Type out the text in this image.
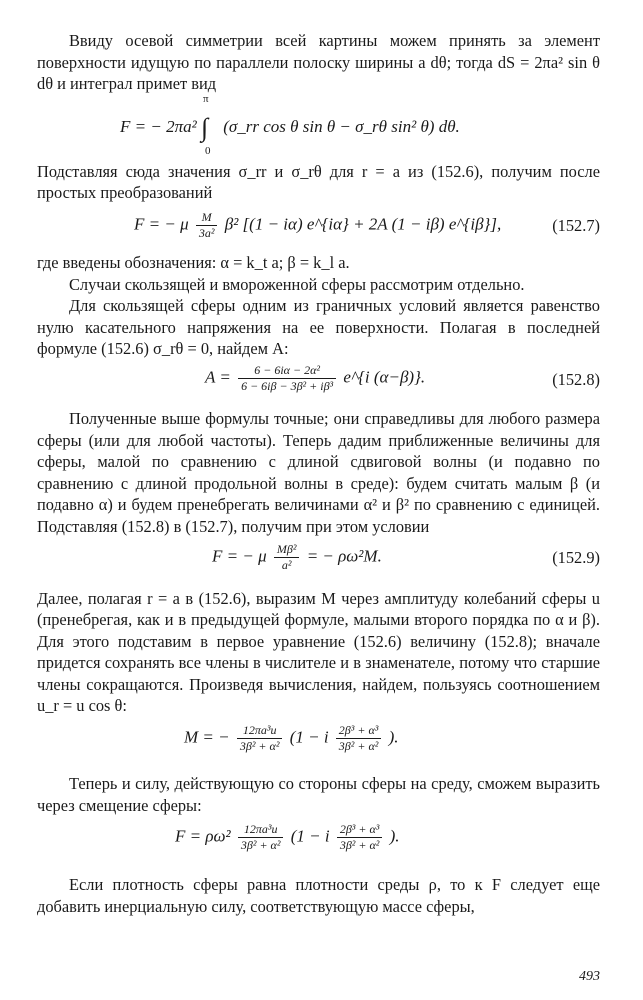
Ввиду осевой симметрии всей картины можем принять за элемент поверхности идущую по параллели полоску ширины a dθ; тогда dS = 2πa² sin θ dθ и интеграл примет вид

F = − 2πa² ∫
π
0
(σ_rr cos θ sin θ − σ_rθ sin² θ) dθ.

Подставляя сюда значения σ_rr и σ_rθ для r = a из (152.6), получим после простых преобразований

F = − μ $\frac{M}{\text{3a²}} \beta^2$ [(1 − iα) e^{iα} + 2A (1 − iβ) e^{iβ}],	(152.7)

где введены обозначения: α = k_t a; β = k_l a.

Случаи скользящей и вмороженной сферы рассмотрим отдельно.

Для скользящей сферы одним из граничных условий является равенство нулю касательного напряжения на ее поверхности. Полагая в последней формуле (152.6) σ_rθ = 0, найдем A:

$A = \frac{\text{6 − 6iα − 2α²}}{\text{6 − 6iβ − 3β² + iβ³}}$ e^{i (α−β)}.	(152.8)

Полученные выше формулы точные; они справедливы для любого размера сферы (или для любой частоты). Теперь дадим приближенные величины для сферы, малой по сравнению с длиной сдвиговой волны (и подавно по сравнению с длиной продольной волны в среде): будем считать малым β (и подавно α) и будем пренебрегать величинами α² и β² по сравнению с единицей. Подставляя (152.8) в (152.7), получим при этом условии

F = − μ $\frac{\text{Mβ²}}{\text{a²}}$ = − ρω²M.	(152.9)

Далее, полагая r = a в (152.6), выразим M через амплитуду колебаний сферы u (пренебрегая, как и в предыдущей формуле, малыми второго порядка по α и β). Для этого подставим в первое уравнение (152.6) величину (152.8); вначале придется сохранять все члены в числителе и в знаменателе, потому что старшие члены сокращаются. Произведя вычисления, найдем, пользуясь соотношением u_r = u cos θ:

M = − $\frac{\text{12πa³u}}{\text{3β² + α²}} (1 - i \frac{\text{2β³ + α³}}{\text{3β² + α²}}$ ).

Теперь и силу, действующую со стороны сферы на среду, сможем выразить через смещение сферы:

$F = \rho\omega^2 \frac{\text{12πa³u}}{\text{3β² + α²}} (1 - i \frac{\text{2β³ + α³}}{\text{3β² + α²}}$ ).

Если плотность сферы равна плотности среды ρ, то к F следует еще добавить инерциальную силу, соответствующую массе сферы,

493
